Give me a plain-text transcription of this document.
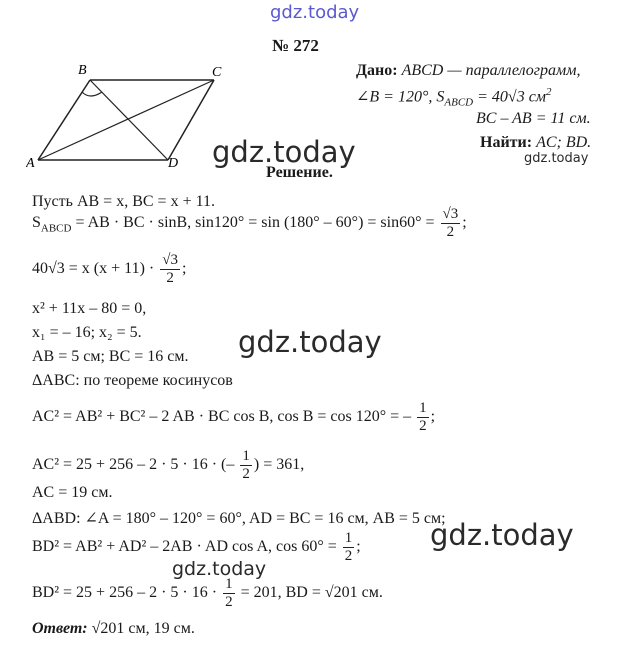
gdz.today
gdz.today	gdz.today
gdz.today
gdz.today
gdz.today
№ 272
A
B	C
D
Дано: ABCD — параллелограмм,
∠B = 120°, $S_{ABCD} = 40√3$ $см^2$
BC – AB = 11 см.
Найти: AC; BD.
Решение.
Пусть AB = x, BC = x + 11.
$S_{ABCD}$ = AB · BC · sinB, $\sin 120^\circ = \sin (180^\circ - 60^\circ) = \sin 60^\circ = \frac{√3}{2}$ ;
40√3 = x $(x + 11) \cdot \frac{√3}{2}$ ;
x² + 11x – 80 = 0,
x₁ = – 16; x₂ = 5.
AB = 5 см; BC = 16 см.
ΔABC: по теореме косинусов
AC² = AB² + BC² – 2 AB · BC cos B, cos B = cos 120° = – $\frac{1}{2}$ ;
AC² = 25 + 256 – 2 · 5 · 16 · (– $\frac{1}{2}$ ) = 361,
AC = 19 см.
ΔABD: ∠A = 180° – 120° = 60°, AD = BC = 16 см, AB = 5 см;
BD² = AB² + AD² – 2AB · AD cos A, $\cos 60^\circ = \frac{1}{2}$ ;
$BD^2 = 25 + 256 - 2 \cdot 5 \cdot 16 \cdot \frac{1}{2} = 201$, BD = √201 см.
Ответ: √201 см, 19 см.
